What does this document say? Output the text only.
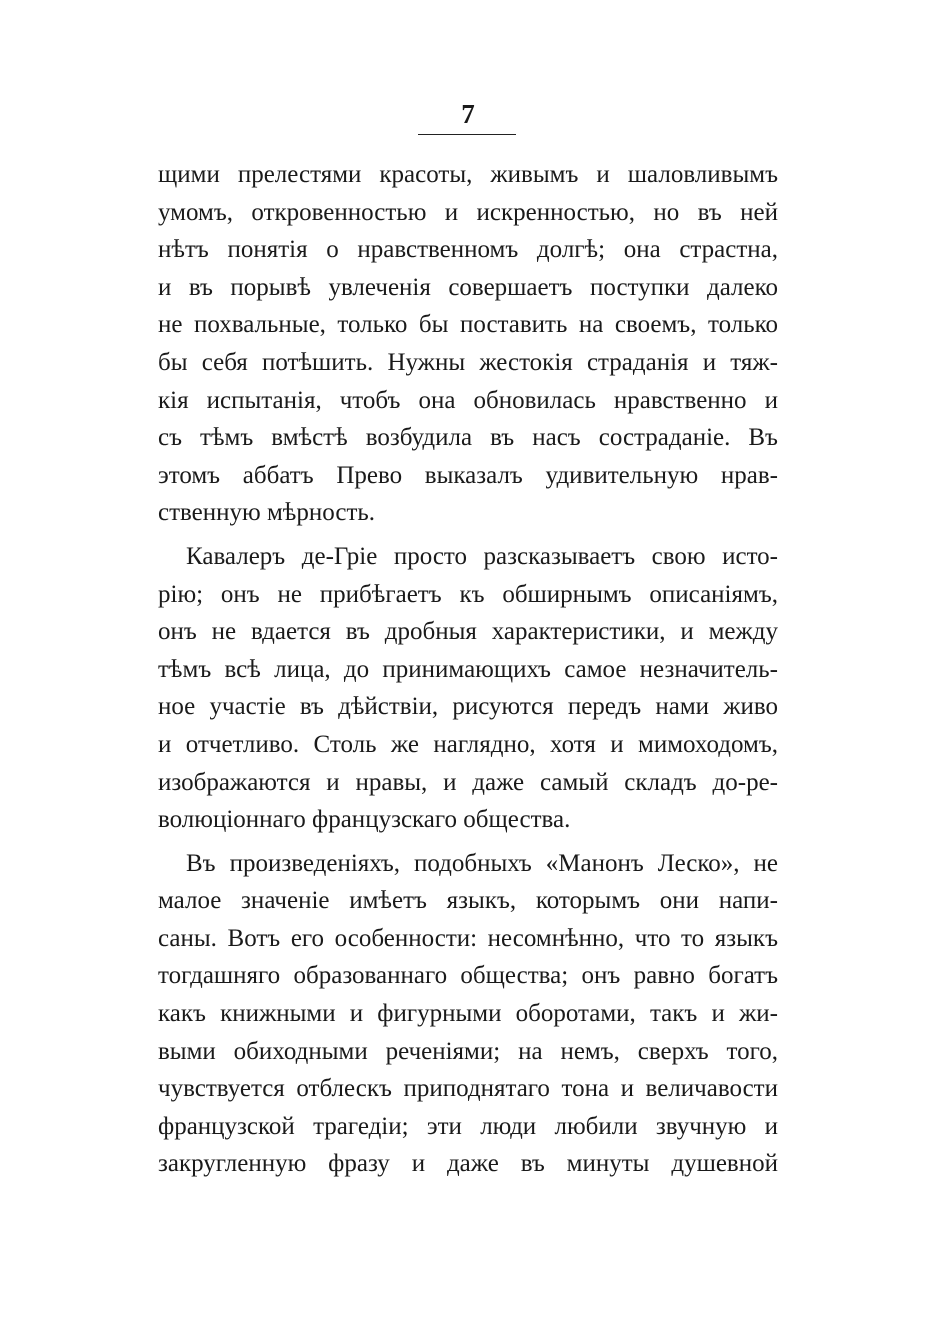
7
щими прелестями красоты, живымъ и шаловливымъ
умомъ, откровенностью и искренностью, но въ ней
нѣтъ понятія о нравственномъ долгѣ; она страстна,
и въ порывѣ увлеченія совершаетъ поступки далеко
не похвальные, только бы поставить на своемъ, только
бы себя потѣшить. Нужны жестокія страданія и тяж-
кія испытанія, чтобъ она обновилась нравственно и
съ тѣмъ вмѣстѣ возбудила въ насъ состраданіе. Въ
этомъ аббатъ Прево выказалъ удивительную нрав-
ственную мѣрность.
Кавалеръ де-Гріе просто разсказываетъ свою исто-
рію; онъ не прибѣгаетъ къ обширнымъ описаніямъ,
онъ не вдается въ дробныя характеристики, и между
тѣмъ всѣ лица, до принимающихъ самое незначитель-
ное участіе въ дѣйствіи, рисуются передъ нами живо
и отчетливо. Столь же наглядно, хотя и мимоходомъ,
изображаются и нравы, и даже самый складъ до-ре-
волюціоннаго французскаго общества.
Въ произведеніяхъ, подобныхъ «Манонъ Леско», не
малое значеніе имѣетъ языкъ, которымъ они напи-
саны. Вотъ его особенности: несомнѣнно, что то языкъ
тогдашняго образованнаго общества; онъ равно богатъ
какъ книжными и фигурными оборотами, такъ и жи-
выми обиходными реченіями; на немъ, сверхъ того,
чувствуется отблескъ приподнятаго тона и величавости
французской трагедіи; эти люди любили звучную и
закругленную фразу и даже въ минуты душевной
